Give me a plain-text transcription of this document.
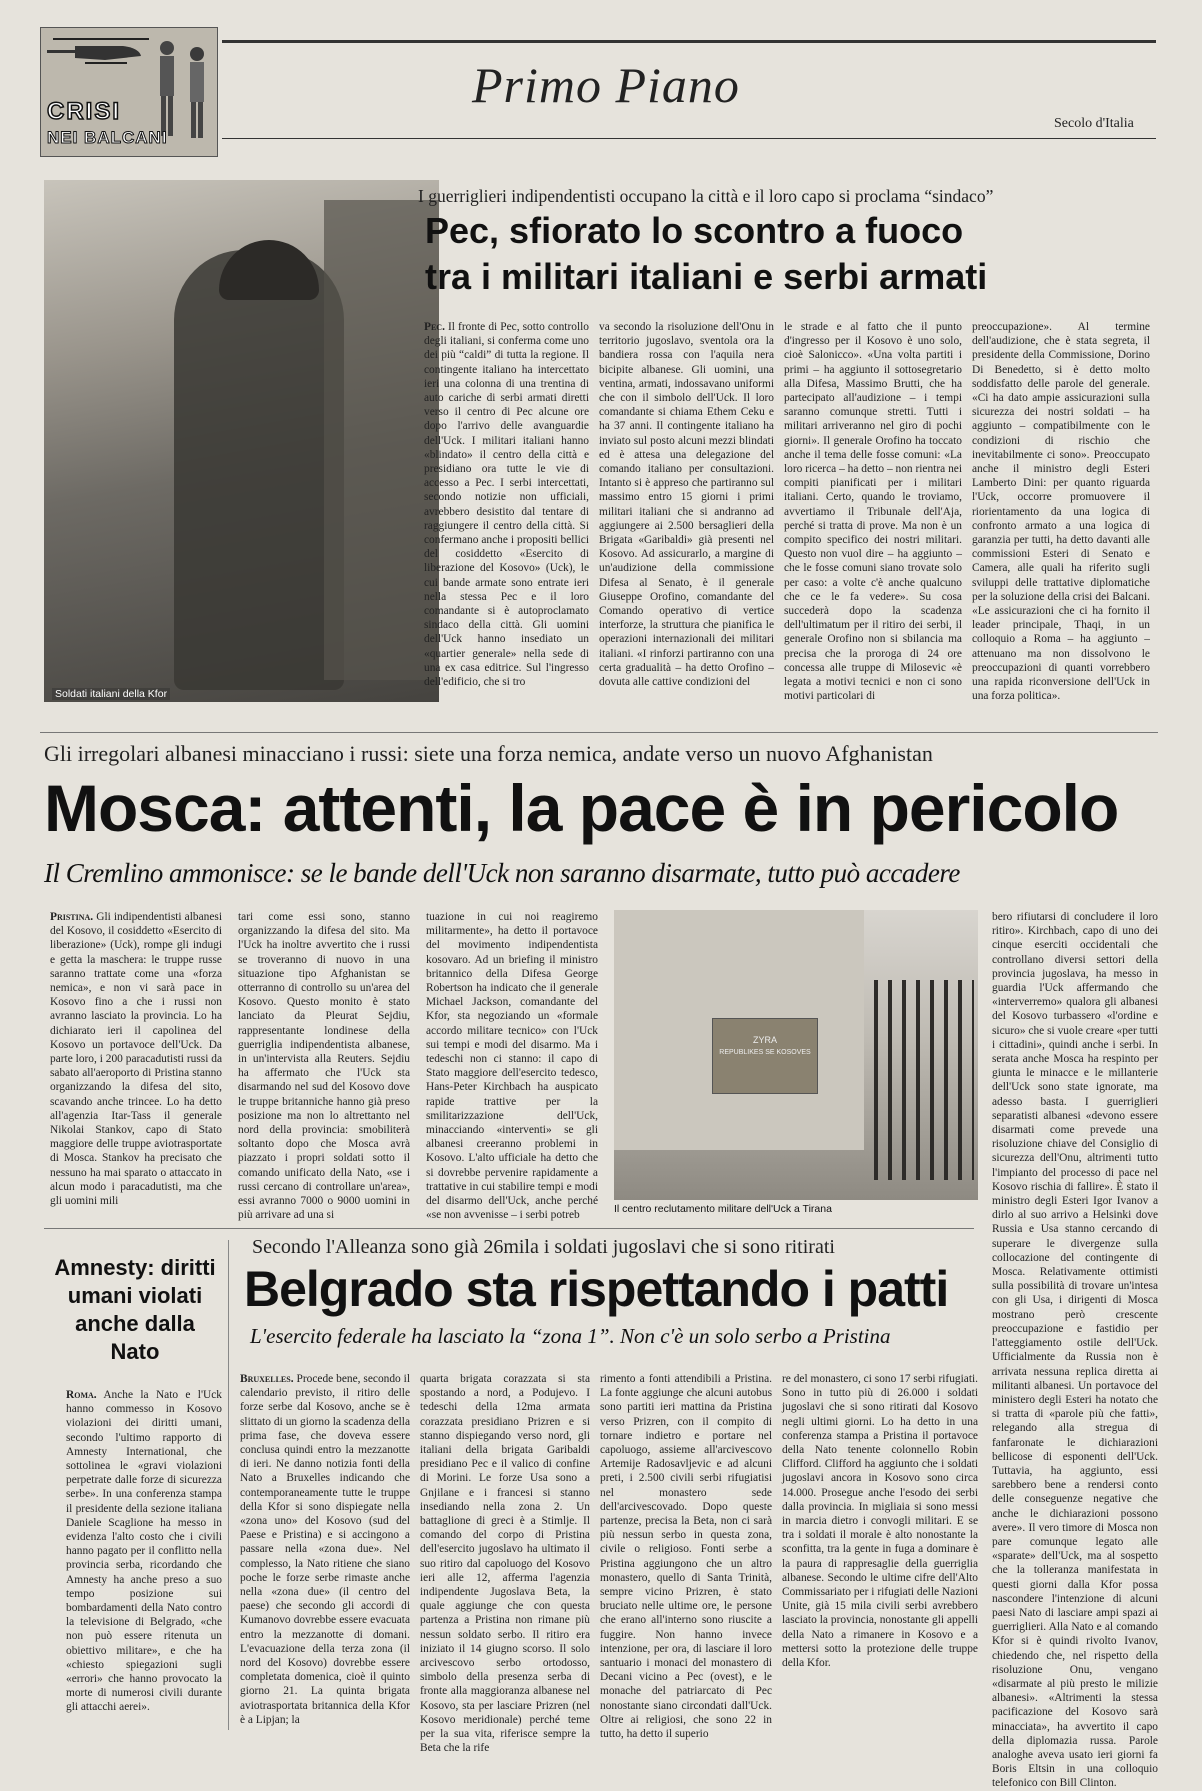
CRISI
NEI BALCANI
Primo Piano
Secolo d'Italia
Soldati italiani della Kfor
I guerriglieri indipendentisti occupano la città e il loro capo si proclama “sindaco”
Pec, sfiorato lo scontro a fuoco
tra i militari italiani e serbi armati
Pec. Il fronte di Pec, sotto controllo degli italiani, si conferma come uno dei più “caldi” di tutta la regione. Il contingente italiano ha intercettato ieri una colonna di una trentina di auto cariche di serbi armati diretti verso il centro di Pec alcune ore dopo l'arrivo delle avanguardie dell'Uck. I militari italiani hanno «blindato» il centro della città e presidiano ora tutte le vie di accesso a Pec. I serbi intercettati, secondo notizie non ufficiali, avrebbero desistito dal tentare di raggiungere il centro della città. Si confermano anche i propositi bellici del cosiddetto «Esercito di liberazione del Kosovo» (Uck), le cui bande armate sono entrate ieri nella stessa Pec e il loro comandante si è autoproclamato sindaco della città. Gli uomini dell'Uck hanno insediato un «quartier generale» nella sede di una ex casa editrice. Sul l'ingresso dell'edificio, che si tro
va secondo la risoluzione dell'Onu in territorio jugoslavo, sventola ora la bandiera rossa con l'aquila nera bicipite albanese. Gli uomini, una ventina, armati, indossavano uniformi che con il simbolo dell'Uck. Il loro comandante si chiama Ethem Ceku e ha 37 anni. Il contingente italiano ha inviato sul posto alcuni mezzi blindati ed è attesa una delegazione del comando italiano per consultazioni. Intanto si è appreso che partiranno sul massimo entro 15 giorni i primi militari italiani che si andranno ad aggiungere ai 2.500 bersaglieri della Brigata «Garibaldi» già presenti nel Kosovo. Ad assicurarlo, a margine di un'audizione della commissione Difesa al Senato, è il generale Giuseppe Orofino, comandante del Comando operativo di vertice interforze, la struttura che pianifica le operazioni internazionali dei militari italiani. «I rinforzi partiranno con una certa gradualità – ha detto Orofino – dovuta alle cattive condizioni del
le strade e al fatto che il punto d'ingresso per il Kosovo è uno solo, cioè Salonicco». «Una volta partiti i primi – ha aggiunto il sottosegretario alla Difesa, Massimo Brutti, che ha partecipato all'audizione – i tempi saranno comunque stretti. Tutti i militari arriveranno nel giro di pochi giorni». Il generale Orofino ha toccato anche il tema delle fosse comuni: «La loro ricerca – ha detto – non rientra nei compiti pianificati per i militari italiani. Certo, quando le troviamo, avvertiamo il Tribunale dell'Aja, perché si tratta di prove. Ma non è un compito specifico dei nostri militari. Questo non vuol dire – ha aggiunto – che le fosse comuni siano trovate solo per caso: a volte c'è anche qualcuno che ce le fa vedere». Su cosa succederà dopo la scadenza dell'ultimatum per il ritiro dei serbi, il generale Orofino non si sbilancia ma precisa che la proroga di 24 ore concessa alle truppe di Milosevic «è legata a motivi tecnici e non ci sono motivi particolari di
preoccupazione». Al termine dell'audizione, che è stata segreta, il presidente della Commissione, Dorino Di Benedetto, si è detto molto soddisfatto delle parole del generale. «Ci ha dato ampie assicurazioni sulla sicurezza dei nostri soldati – ha aggiunto – compatibilmente con le condizioni di rischio che inevitabilmente ci sono». Preoccupato anche il ministro degli Esteri Lamberto Dini: per quanto riguarda l'Uck, occorre promuovere il riorientamento da una logica di confronto armato a una logica di garanzia per tutti, ha detto davanti alle commissioni Esteri di Senato e Camera, alle quali ha riferito sugli sviluppi delle trattative diplomatiche per la soluzione della crisi dei Balcani. «Le assicurazioni che ci ha fornito il leader principale, Thaqi, in un colloquio a Roma – ha aggiunto – attenuano ma non dissolvono le preoccupazioni di quanti vorrebbero una rapida riconversione dell'Uck in una forza politica».
Gli irregolari albanesi minacciano i russi: siete una forza nemica, andate verso un nuovo Afghanistan
Mosca: attenti, la pace è in pericolo
Il Cremlino ammonisce: se le bande dell'Uck non saranno disarmate, tutto può accadere
Pristina. Gli indipendentisti albanesi del Kosovo, il cosiddetto «Esercito di liberazione» (Uck), rompe gli indugi e getta la maschera: le truppe russe saranno trattate come una «forza nemica», e non vi sarà pace in Kosovo fino a che i russi non avranno lasciato la provincia. Lo ha dichiarato ieri il capolinea del Kosovo un portavoce dell'Uck. Da parte loro, i 200 paracadutisti russi da sabato all'aeroporto di Pristina stanno organizzando la difesa del sito, scavando anche trincee. Lo ha detto all'agenzia Itar-Tass il generale Nikolai Stankov, capo di Stato maggiore delle truppe aviotrasportate di Mosca. Stankov ha precisato che nessuno ha mai sparato o attaccato in alcun modo i paracadutisti, ma che gli uomini mili
tari come essi sono, stanno organizzando la difesa del sito. Ma l'Uck ha inoltre avvertito che i russi se troveranno di nuovo in una situazione tipo Afghanistan se otterranno di controllo su un'area del Kosovo. Questo monito è stato lanciato da Pleurat Sejdiu, rappresentante londinese della guerriglia indipendentista albanese, in un'intervista alla Reuters. Sejdiu ha affermato che l'Uck sta disarmando nel sud del Kosovo dove le truppe britanniche hanno già preso posizione ma non lo altrettanto nel nord della provincia: smobiliterà soltanto dopo che Mosca avrà piazzato i propri soldati sotto il comando unificato della Nato, «se i russi cercano di controllare un'area», essi avranno 7000 o 9000 uomini in più arrivare ad una si
tuazione in cui noi reagiremo militarmente», ha detto il portavoce del movimento indipendentista kosovaro. Ad un briefing il ministro britannico della Difesa George Robertson ha indicato che il generale Michael Jackson, comandante del Kfor, sta negoziando un «formale accordo militare tecnico» con l'Uck sui tempi e modi del disarmo. Ma i tedeschi non ci stanno: il capo di Stato maggiore dell'esercito tedesco, Hans-Peter Kirchbach ha auspicato rapide trattive per la smilitarizzazione dell'Uck, minacciando «interventi» se gli albanesi creeranno problemi in Kosovo. L'alto ufficiale ha detto che si dovrebbe pervenire rapidamente a trattative in cui stabilire tempi e modi del disarmo dell'Uck, anche perché «se non avvenisse – i serbi potreb
ZYRA
REPUBLIKES SE KOSOVES
Il centro reclutamento militare dell'Uck a Tirana
bero rifiutarsi di concludere il loro ritiro». Kirchbach, capo di uno dei cinque eserciti occidentali che controllano diversi settori della provincia jugoslava, ha messo in guardia l'Uck affermando che «interverremo» qualora gli albanesi del Kosovo turbassero «l'ordine e sicuro» che si vuole creare «per tutti i cittadini», quindi anche i serbi. In serata anche Mosca ha respinto per giunta le minacce e le millanterie dell'Uck sono state ignorate, ma adesso basta. I guerriglieri separatisti albanesi «devono essere disarmati come prevede una risoluzione chiave del Consiglio di sicurezza dell'Onu, altrimenti tutto l'impianto del processo di pace nel Kosovo rischia di fallire». È stato il ministro degli Esteri Igor Ivanov a dirlo al suo arrivo a Helsinki dove Russia e Usa stanno cercando di superare le divergenze sulla collocazione del contingente di Mosca. Relativamente ottimisti sulla possibilità di trovare un'intesa con gli Usa, i dirigenti di Mosca mostrano però crescente preoccupazione e fastidio per l'atteggiamento ostile dell'Uck. Ufficialmente da Russia non è arrivata nessuna replica diretta ai militanti albanesi. Un portavoce del ministero degli Esteri ha notato che si tratta di «parole più che fatti», relegando alla stregua di fanfaronate le dichiarazioni bellicose di esponenti dell'Uck. Tuttavia, ha aggiunto, essi sarebbero bene a rendersi conto delle conseguenze negative che anche le dichiarazioni possono avere». Il vero timore di Mosca non pare comunque legato alle «sparate» dell'Uck, ma al sospetto che la tolleranza manifestata in questi giorni dalla Kfor possa nascondere l'intenzione di alcuni paesi Nato di lasciare ampi spazi ai guerriglieri. Alla Nato e al comando Kfor si è quindi rivolto Ivanov, chiedendo che, nel rispetto della risoluzione Onu, vengano «disarmate al più presto le milizie albanesi». «Altrimenti la stessa pacificazione del Kosovo sarà minacciata», ha avvertito il capo della diplomazia russa. Parole analoghe aveva usato ieri giorni fa Boris Eltsin in una colloquio telefonico con Bill Clinton.
Amnesty: diritti umani violati anche dalla Nato
Roma. Anche la Nato e l'Uck hanno commesso in Kosovo violazioni dei diritti umani, secondo l'ultimo rapporto di Amnesty International, che sottolinea le «gravi violazioni perpetrate dalle forze di sicurezza serbe». In una conferenza stampa il presidente della sezione italiana Daniele Scaglione ha messo in evidenza l'alto costo che i civili hanno pagato per il conflitto nella provincia serba, ricordando che Amnesty ha anche preso a suo tempo posizione sui bombardamenti della Nato contro la televisione di Belgrado, «che non può essere ritenuta un obiettivo militare», e che ha «chiesto spiegazioni sugli «errori» che hanno provocato la morte di numerosi civili durante gli attacchi aerei».
Secondo l'Alleanza sono già 26mila i soldati jugoslavi che si sono ritirati
Belgrado sta rispettando i patti
L'esercito federale ha lasciato la “zona 1”. Non c'è un solo serbo a Pristina
Bruxelles. Procede bene, secondo il calendario previsto, il ritiro delle forze serbe dal Kosovo, anche se è slittato di un giorno la scadenza della prima fase, che doveva essere conclusa quindi entro la mezzanotte di ieri. Ne danno notizia fonti della Nato a Bruxelles indicando che contemporaneamente tutte le truppe della Kfor si sono dispiegate nella «zona uno» del Kosovo (sud del Paese e Pristina) e si accingono a passare nella «zona due». Nel complesso, la Nato ritiene che siano poche le forze serbe rimaste anche nella «zona due» (il centro del paese) che secondo gli accordi di Kumanovo dovrebbe essere evacuata entro la mezzanotte di domani. L'evacuazione della terza zona (il nord del Kosovo) dovrebbe essere completata domenica, cioè il quinto giorno 21. La quinta brigata aviotrasportata britannica della Kfor è a Lipjan; la
quarta brigata corazzata si sta spostando a nord, a Podujevo. I tedeschi della 12ma armata corazzata presidiano Prizren e si stanno dispiegando verso nord, gli italiani della brigata Garibaldi presidiano Pec e il valico di confine di Morini. Le forze Usa sono a Gnjilane e i francesi si stanno insediando nella zona 2. Un battaglione di greci è a Stimlje. Il comando del corpo di Pristina dell'esercito jugoslavo ha ultimato il suo ritiro dal capoluogo del Kosovo ieri alle 12, afferma l'agenzia indipendente Jugoslava Beta, la quale aggiunge che con questa partenza a Pristina non rimane più nessun soldato serbo. Il ritiro era iniziato il 14 giugno scorso. Il solo arcivescovo serbo ortodosso, simbolo della presenza serba di fronte alla maggioranza albanese nel Kosovo, sta per lasciare Prizren (nel Kosovo meridionale) perché teme per la sua vita, riferisce sempre la Beta che la rife
rimento a fonti attendibili a Pristina. La fonte aggiunge che alcuni autobus sono partiti ieri mattina da Pristina verso Prizren, con il compito di tornare indietro e portare nel capoluogo, assieme all'arcivescovo Artemije Radosavljevic e ad alcuni preti, i 2.500 civili serbi rifugiatisi nel monastero sede dell'arcivescovado. Dopo queste partenze, precisa la Beta, non ci sarà più nessun serbo in questa zona, civile o religioso. Fonti serbe a Pristina aggiungono che un altro monastero, quello di Santa Trinità, sempre vicino Prizren, è stato bruciato nelle ultime ore, le persone che erano all'interno sono riuscite a fuggire. Non hanno invece intenzione, per ora, di lasciare il loro santuario i monaci del monastero di Decani vicino a Pec (ovest), e le monache del patriarcato di Pec nonostante siano circondati dall'Uck. Oltre ai religiosi, che sono 22 in tutto, ha detto il superio
re del monastero, ci sono 17 serbi rifugiati. Sono in tutto più di 26.000 i soldati jugoslavi che si sono ritirati dal Kosovo negli ultimi giorni. Lo ha detto in una conferenza stampa a Pristina il portavoce della Nato tenente colonnello Robin Clifford. Clifford ha aggiunto che i soldati jugoslavi ancora in Kosovo sono circa 14.000. Prosegue anche l'esodo dei serbi dalla provincia. In migliaia si sono messi in marcia dietro i convogli militari. E se tra i soldati il morale è alto nonostante la sconfitta, tra la gente in fuga a dominare è la paura di rappresaglie della guerriglia albanese. Secondo le ultime cifre dell'Alto Commissariato per i rifugiati delle Nazioni Unite, già 15 mila civili serbi avrebbero lasciato la provincia, nonostante gli appelli della Nato a rimanere in Kosovo e a mettersi sotto la protezione delle truppe della Kfor.
